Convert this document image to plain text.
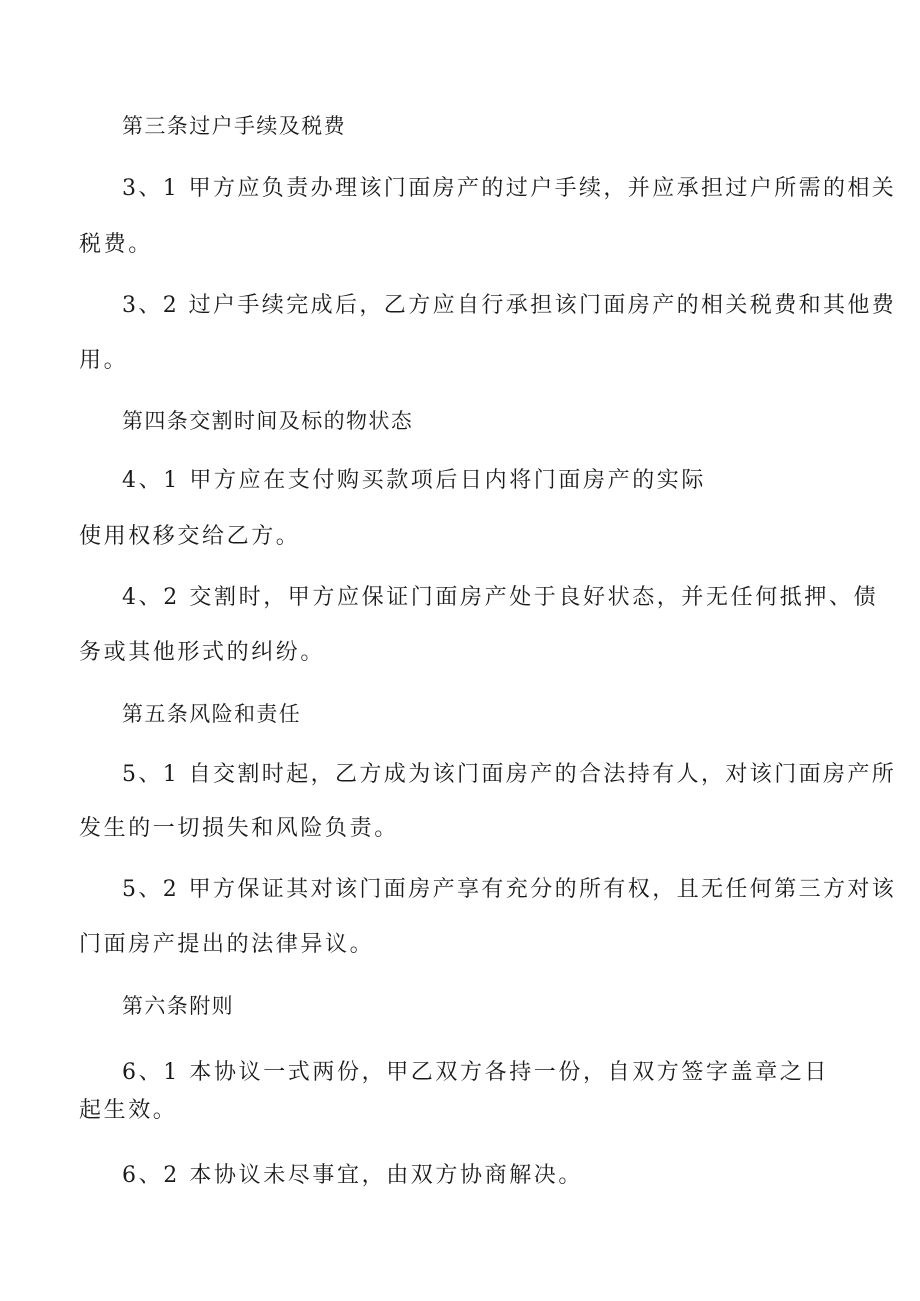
第三条过户手续及税费
3、1 甲方应负责办理该门面房产的过户手续，并应承担过户所需的相关
税费。
3、2 过户手续完成后，乙方应自行承担该门面房产的相关税费和其他费
用。
第四条交割时间及标的物状态
4、1 甲方应在支付购买款项后日内将门面房产的实际
使用权移交给乙方。
4、2 交割时，甲方应保证门面房产处于良好状态，并无任何抵押、债
务或其他形式的纠纷。
第五条风险和责任
5、1 自交割时起，乙方成为该门面房产的合法持有人，对该门面房产所
发生的一切损失和风险负责。
5、2 甲方保证其对该门面房产享有充分的所有权，且无任何第三方对该
门面房产提出的法律异议。
第六条附则
6、1 本协议一式两份，甲乙双方各持一份，自双方签字盖章之日
起生效。
6、2 本协议未尽事宜，由双方协商解决。
